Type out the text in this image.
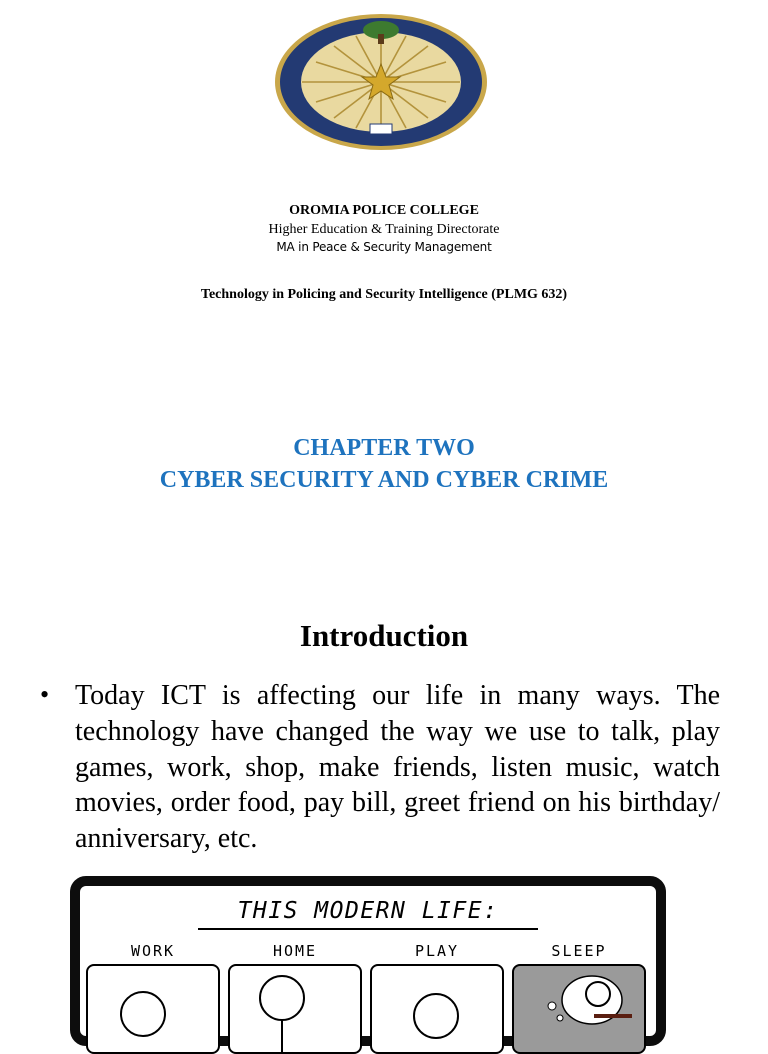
OROMIA POLICE COLLEGE
Higher Education & Training Directorate
MA in Peace & Security Management
Technology in Policing and Security Intelligence (PLMG 632)
CHAPTER TWO
CYBER SECURITY AND CYBER CRIME
Introduction
• Today ICT is affecting our life in many ways. The technology have changed the way we use to talk, play games, work, shop, make friends, listen music, watch movies, order food, pay bill, greet friend on his birthday/ anniversary, etc.
THIS MODERN LIFE:
WORK	HOME	PLAY	SLEEP
